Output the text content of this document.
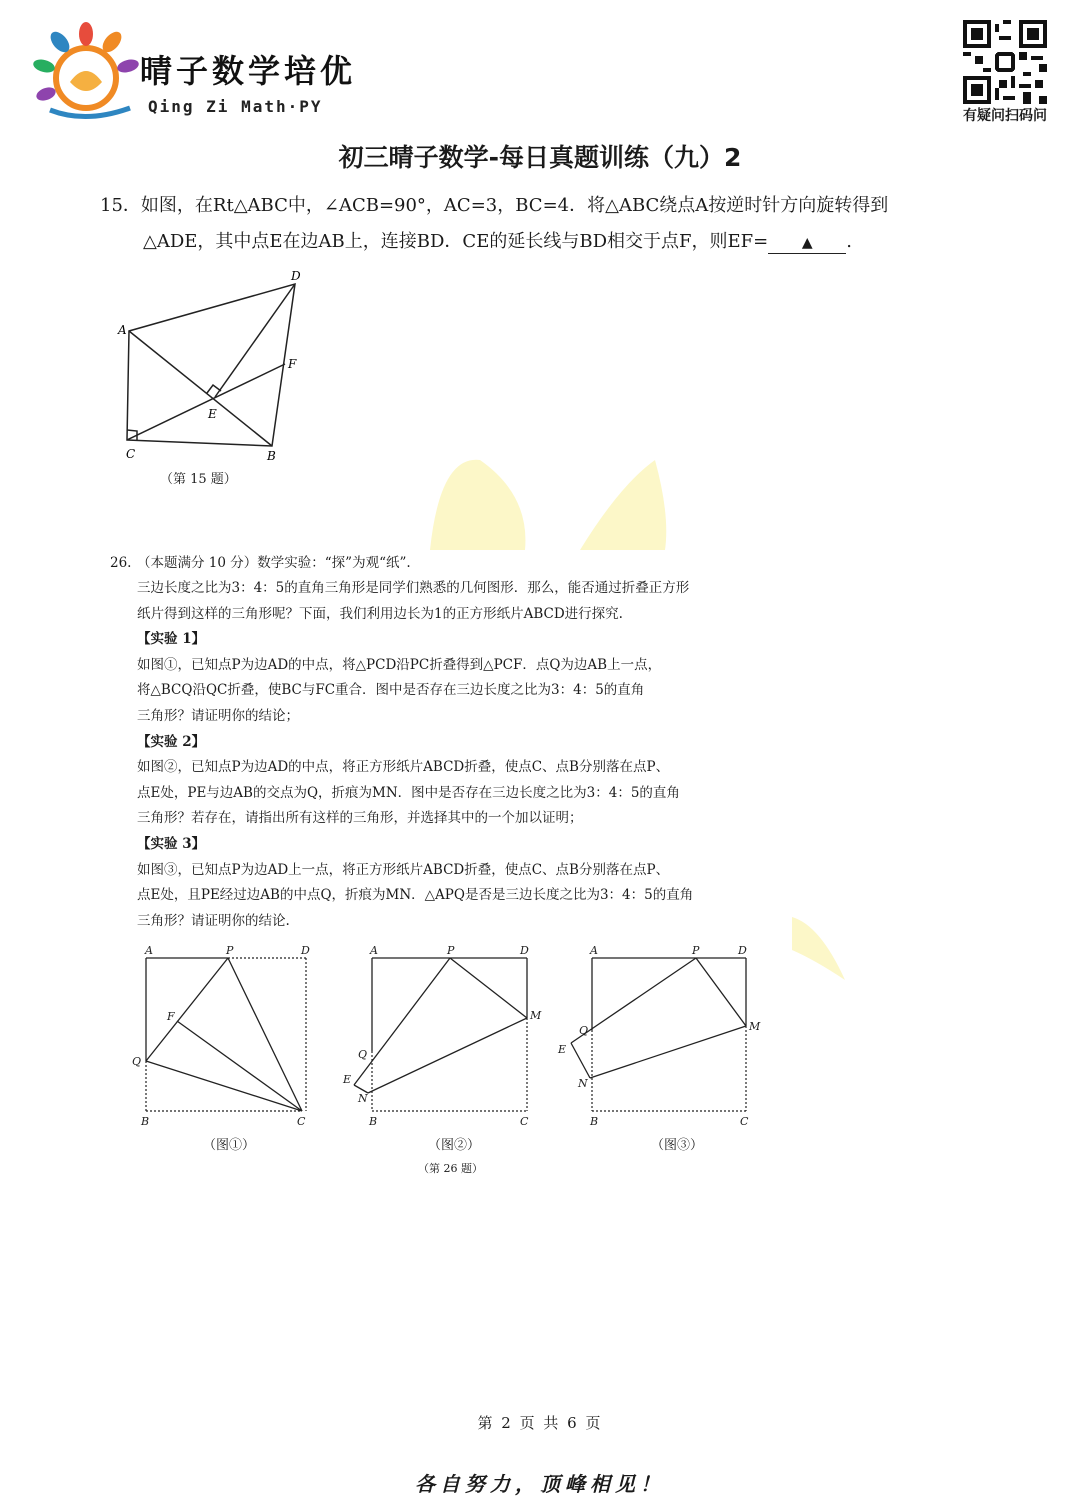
晴子数学培优
Qing Zi Math·PY	有疑问扫码问
初三晴子数学-每日真题训练（九）2
15．如图，在Rt△ABC中，∠ACB=90°，AC=3，BC=4．将△ABC绕点A按逆时针方向旋转得到
△ADE，其中点E在边AB上，连接BD．CE的延长线与BD相交于点F，则EF= ▲ .
A
C	B
D
E
F
（第 15 题）
26. （本题满分 10 分）数学实验：“探”为观“纸”.
三边长度之比为3：4：5的直角三角形是同学们熟悉的几何图形．那么，能否通过折叠正方形
纸片得到这样的三角形呢？下面，我们利用边长为1的正方形纸片ABCD进行探究.
【实验 1】
如图①，已知点P为边AD的中点，将△PCD沿PC折叠得到△PCF．点Q为边AB上一点，
将△BCQ沿QC折叠，使BC与FC重合．图中是否存在三边长度之比为3：4：5的直角
三角形？请证明你的结论；
【实验 2】
如图②，已知点P为边AD的中点，将正方形纸片ABCD折叠，使点C、点B分别落在点P、
点E处，PE与边AB的交点为Q，折痕为MN．图中是否存在三边长度之比为3：4：5的直角
三角形？若存在，请指出所有这样的三角形，并选择其中的一个加以证明；
【实验 3】
如图③，已知点P为边AD上一点，将正方形纸片ABCD折叠，使点C、点B分别落在点P、
点E处，且PE经过边AB的中点Q，折痕为MN．△APQ是否是三边长度之比为3：4：5的直角
三角形？请证明你的结论.
A	P	D
F
Q
B	C
A	P	D
M
Q
E
N
B	C
A	P	D
M
Q
E
N
B	C
（图①）	（图②）	（图③）
（第 26 题）
第 2 页 共 6 页
各自努力，顶峰相见！
